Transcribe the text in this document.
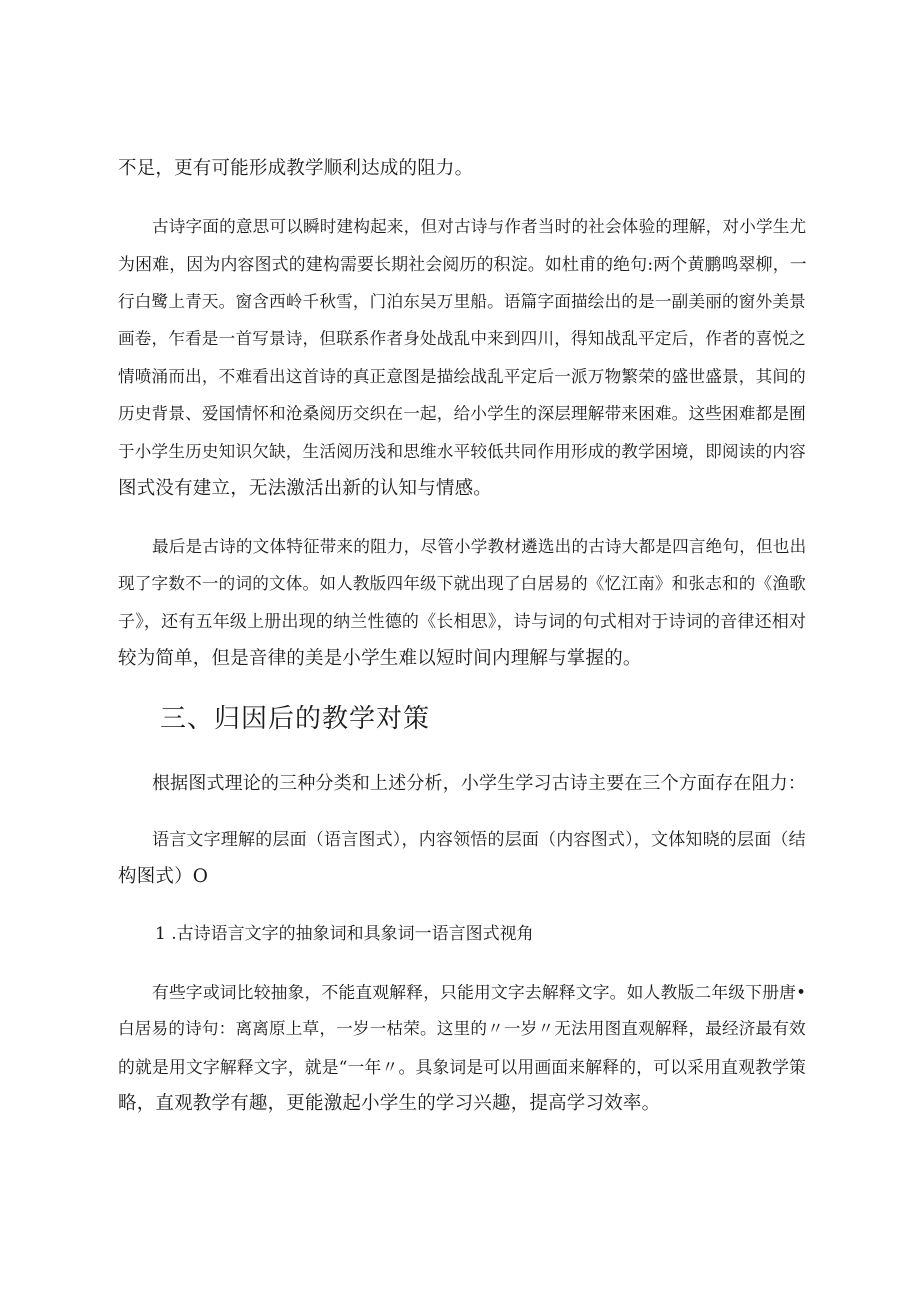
不足，更有可能形成教学顺利达成的阻力。
古诗字面的意思可以瞬时建构起来，但对古诗与作者当时的社会体验的理解，对小学生尤
为困难，因为内容图式的建构需要长期社会阅历的积淀。如杜甫的绝句:两个黄鹏鸣翠柳，一
行白鹭上青天。窗含西岭千秋雪，门泊东吴万里船。语篇字面描绘出的是一副美丽的窗外美景
画卷，乍看是一首写景诗，但联系作者身处战乱中来到四川，得知战乱平定后，作者的喜悦之
情喷涌而出，不难看出这首诗的真正意图是描绘战乱平定后一派万物繁荣的盛世盛景，其间的
历史背景、爱国情怀和沧桑阅历交织在一起，给小学生的深层理解带来困难。这些困难都是囿
于小学生历史知识欠缺，生活阅历浅和思维水平较低共同作用形成的教学困境，即阅读的内容
图式没有建立，无法激活出新的认知与情感。
最后是古诗的文体特征带来的阻力，尽管小学教材遴选出的古诗大都是四言绝句，但也出
现了字数不一的词的文体。如人教版四年级下就出现了白居易的《忆江南》和张志和的《渔歌
子》，还有五年级上册出现的纳兰性德的《长相思》，诗与词的句式相对于诗词的音律还相对
较为简单，但是音律的美是小学生难以短时间内理解与掌握的。
三、归因后的教学对策
根据图式理论的三种分类和上述分析，小学生学习古诗主要在三个方面存在阻力：
语言文字理解的层面（语言图式），内容领悟的层面（内容图式），文体知晓的层面（结
构图式）O
1 .古诗语言文字的抽象词和具象词一语言图式视角
有些字或词比较抽象，不能直观解释，只能用文字去解释文字。如人教版二年级下册唐•
白居易的诗句：离离原上草，一岁一枯荣。这里的〃一岁〃无法用图直观解释，最经济最有效
的就是用文字解释文字，就是“一年〃。具象词是可以用画面来解释的，可以采用直观教学策
略，直观教学有趣，更能激起小学生的学习兴趣，提高学习效率。
